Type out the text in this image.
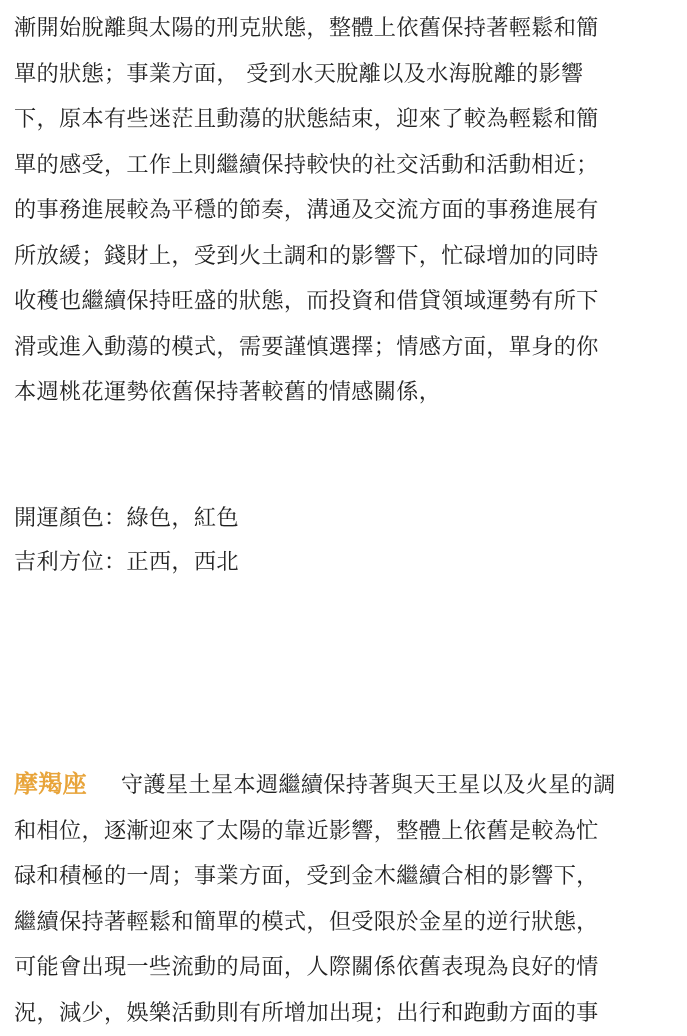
漸開始脫離與太陽的刑克狀態，整體上依舊保持著輕鬆和簡
單的狀態；事業方面， 受到水天脫離以及水海脫離的影響
下，原本有些迷茫且動蕩的狀態結束，迎來了較為輕鬆和簡
單的感受，工作上則繼續保持較快的社交活動和活動相近；
的事務進展較為平穩的節奏，溝通及交流方面的事務進展有
所放緩；錢財上，受到火土調和的影響下，忙碌增加的同時
收穫也繼續保持旺盛的狀態，而投資和借貸領域運勢有所下
滑或進入動蕩的模式，需要謹慎選擇；情感方面，單身的你
本週桃花運勢依舊保持著較舊的情感關係，
開運顏色：綠色，紅色
吉利方位：正西，西北
摩羯座 守護星土星本週繼續保持著與天王星以及火星的調
和相位，逐漸迎來了太陽的靠近影響，整體上依舊是較為忙
碌和積極的一周；事業方面，受到金木繼續合相的影響下，
繼續保持著輕鬆和簡單的模式，但受限於金星的逆行狀態，
可能會出現一些流動的局面，人際關係依舊表現為良好的情
況，減少，娛樂活動則有所增加出現；出行和跑動方面的事
